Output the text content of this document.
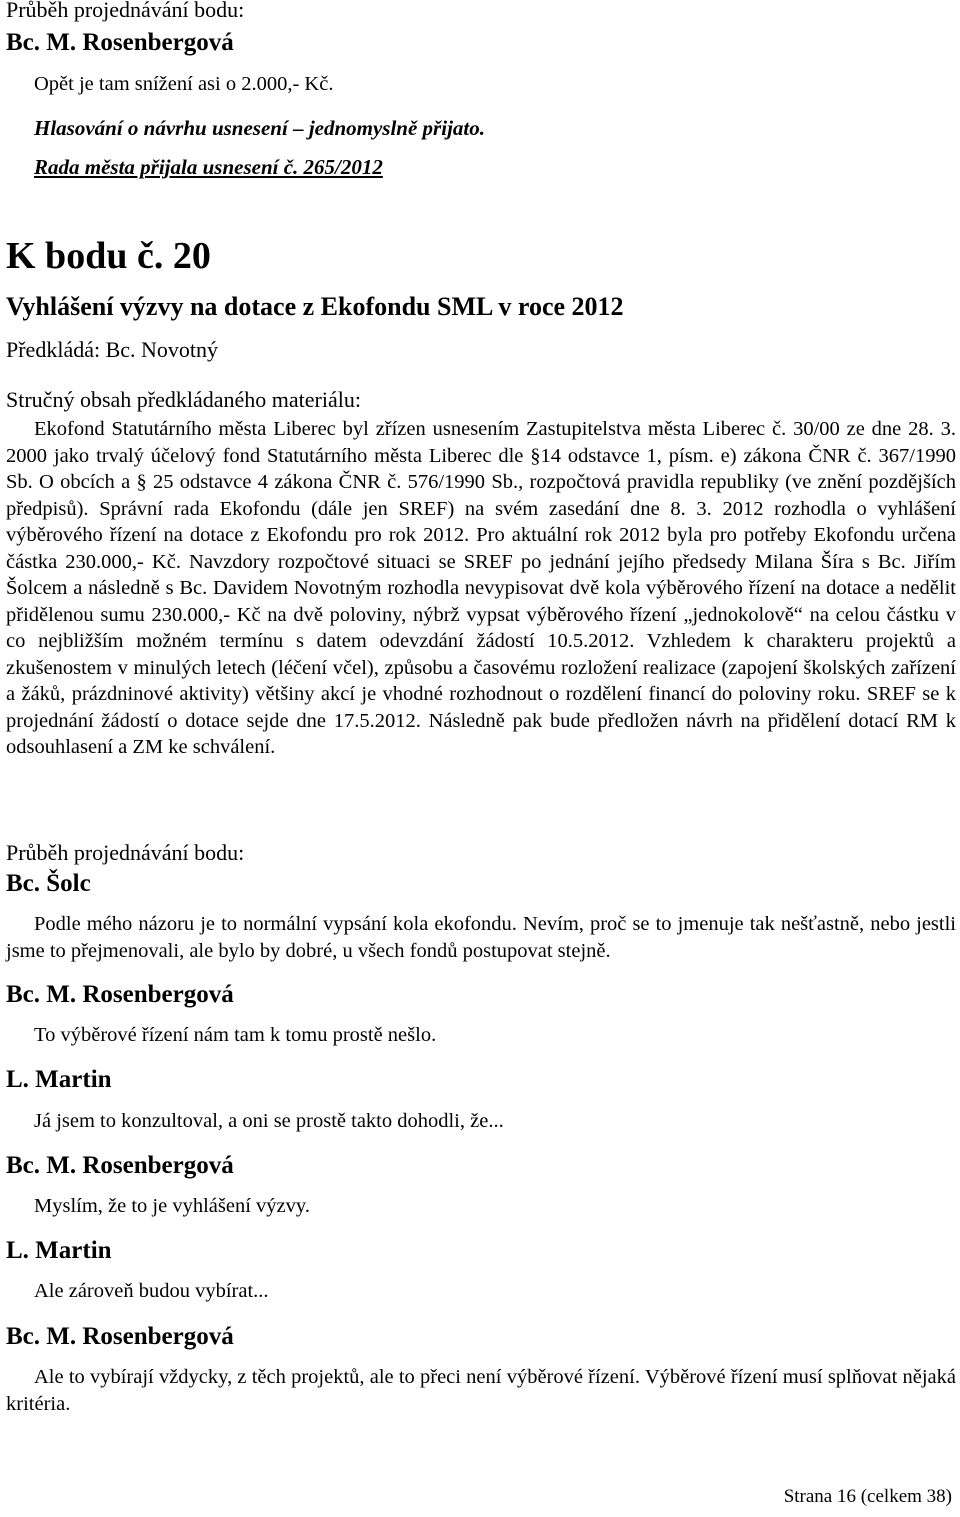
Průběh projednávání bodu:
Bc. M. Rosenbergová
Opět je tam snížení asi o 2.000,- Kč.
Hlasování o návrhu usnesení – jednomyslně přijato.
Rada města přijala usnesení č. 265/2012
K bodu č. 20
Vyhlášení výzvy na dotace z Ekofondu SML v roce 2012
Předkládá: Bc. Novotný
Stručný obsah předkládaného materiálu:

Ekofond Statutárního města Liberec byl zřízen usnesením Zastupitelstva města Liberec č. 30/00 ze dne 28. 3. 2000 jako trvalý účelový fond Statutárního města Liberec dle §14 odstavce 1, písm. e) zákona ČNR č. 367/1990 Sb. O obcích a § 25 odstavce 4 zákona ČNR č. 576/1990 Sb., rozpočtová pravidla republiky (ve znění pozdějších předpisů). Správní rada Ekofondu (dále jen SREF) na svém zasedání dne 8. 3. 2012 rozhodla o vyhlášení výběrového řízení na dotace z Ekofondu pro rok 2012. Pro aktuální rok 2012 byla pro potřeby Ekofondu určena částka 230.000,- Kč. Navzdory rozpočtové situaci se SREF po jednání jejího předsedy Milana Šíra s Bc. Jiřím Šolcem a následně s Bc. Davidem Novotným rozhodla nevypisovat dvě kola výběrového řízení na dotace a nedělit přidělenou sumu 230.000,- Kč na dvě poloviny, nýbrž vypsat výběrového řízení „jednokolově“ na celou částku v co nejbližším možném termínu s datem odevzdání žádostí 10.5.2012. Vzhledem k charakteru projektů a zkušenostem v minulých letech (léčení včel), způsobu a časovému rozložení realizace (zapojení školských zařízení a žáků, prázdninové aktivity) většiny akcí je vhodné rozhodnout o rozdělení financí do poloviny roku. SREF se k projednání žádostí o dotace sejde dne 17.5.2012. Následně pak bude předložen návrh na přidělení dotací RM k odsouhlasení a ZM ke schválení.

Průběh projednávání bodu:
Bc. Šolc

Podle mého názoru je to normální vypsání kola ekofondu. Nevím, proč se to jmenuje tak nešťastně, nebo jestli jsme to přejmenovali, ale bylo by dobré, u všech fondů postupovat stejně.

Bc. M. Rosenbergová
To výběrové řízení nám tam k tomu prostě nešlo.
L. Martin
Já jsem to konzultoval, a oni se prostě takto dohodli, že...
Bc. M. Rosenbergová
Myslím, že to je vyhlášení výzvy.
L. Martin
Ale zároveň budou vybírat...
Bc. M. Rosenbergová

Ale to vybírají vždycky, z těch projektů, ale to přeci není výběrové řízení. Výběrové řízení musí splňovat nějaká kritéria.

Strana 16 (celkem 38)
